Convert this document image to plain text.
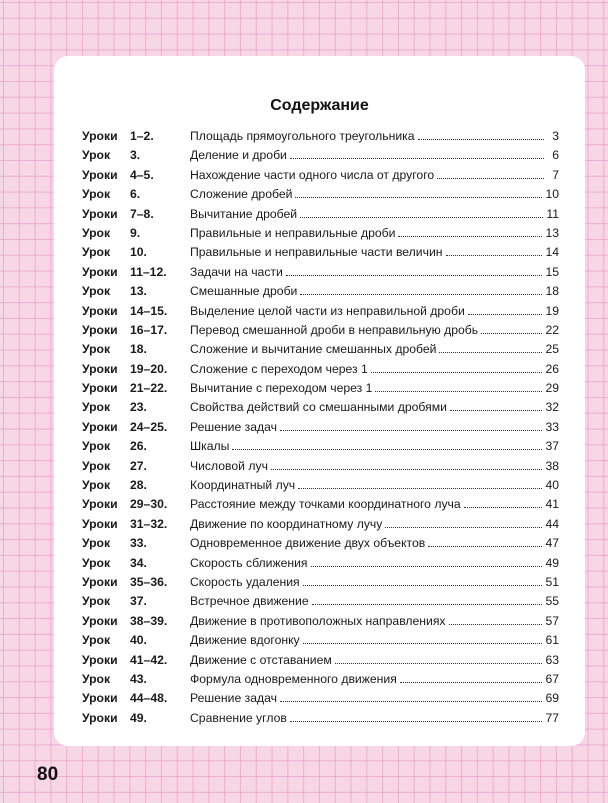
Содержание
Уроки	1–2.	Площадь прямоугольного треугольника	3
Урок	3.	Деление и дроби	6
Уроки	4–5.	Нахождение части одного числа от другого	7
Урок	6.	Сложение дробей	10
Уроки	7–8.	Вычитание дробей	11
Урок	9.	Правильные и неправильные дроби	13
Урок	10.	Правильные и неправильные части величин	14
Уроки	11–12. Задачи на части	15
Урок	13.	Смешанные дроби	18
Уроки	14–15. Выделение целой части из неправильной дроби	19
Уроки	16–17. Перевод смешанной дроби в неправильную дробь	22
Урок	18.	Сложение и вычитание смешанных дробей	25
Уроки	19–20. Сложение с переходом через 1	26
Уроки	21–22. Вычитание с переходом через 1	29
Урок	23.	Свойства действий со смешанными дробями	32
Уроки	24–25. Решение задач	33
Урок	26.	Шкалы	37
Урок	27.	Числовой луч	38
Урок	28.	Координатный луч	40
Уроки	29–30. Расстояние между точками координатного луча	41
Уроки	31–32. Движение по координатному лучу	44
Урок	33.	Одновременное движение двух объектов	47
Урок	34.	Скорость сближения	49
Уроки	35–36. Скорость удаления	51
Урок	37.	Встречное движение	55
Уроки	38–39. Движение в противоположных направлениях	57
Урок	40.	Движение вдогонку	61
Уроки	41–42. Движение с отставанием	63
Урок	43.	Формула одновременного движения	67
Уроки	44–48. Решение задач	69
Уроки	49.	Сравнение углов	77
80
